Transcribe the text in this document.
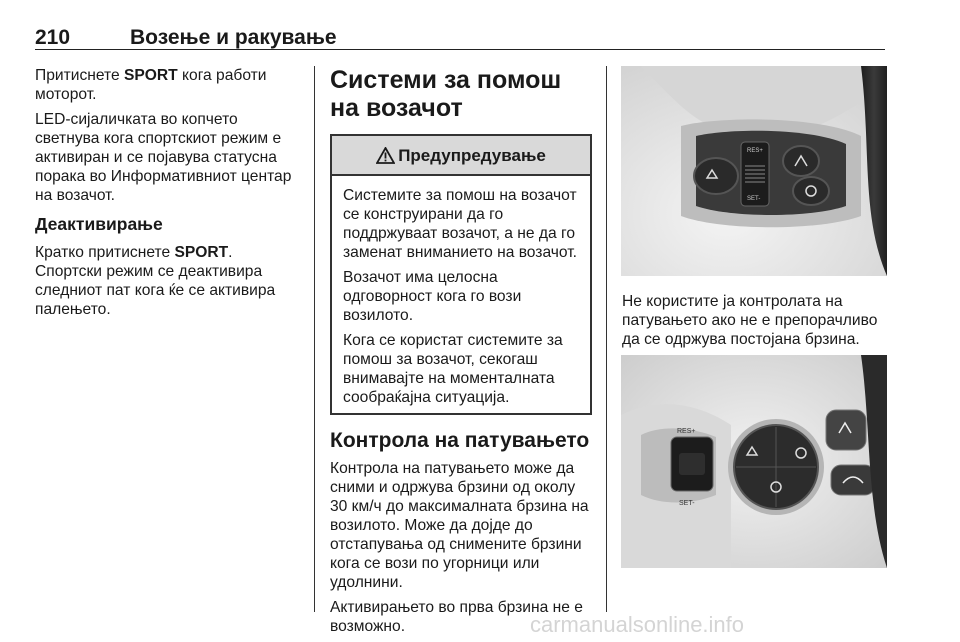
210	Возење и ракување

Притиснете SPORT кога работи моторот.

LED-сијаличката во копчето светнува кога спортскиот режим е активиран и се појавува статусна порака во Информативниот центар на возачот.

Деактивирање

Кратко притиснете SPORT. Спортски режим се деактивира следниот пат кога ќе се активира палењето.

Системи за помош на возачот
Предупредување

Системите за помош на возачот се конструирани да го поддржуваат возачот, а не да го заменат вниманието на возачот.

Возачот има целосна одговорност кога го вози возилото.

Кога се користат системите за помош за возачот, секогаш внимавајте на моменталната сообраќајна ситуација.

Контрола на патувањето

Контрола на патувањето може да сними и одржува брзини од околу 30 км/ч до максималната брзина на возилото. Може да дојде до отстапувања од снимените брзини кога се вози по угорници или удолнини.

Активирањето во прва брзина не е возможно.

RES+
SET-
RES+
SET-

Не користите ја контролата на патувањето ако не е препорачливо да се одржува постојана брзина.

carmanualsonline.info
